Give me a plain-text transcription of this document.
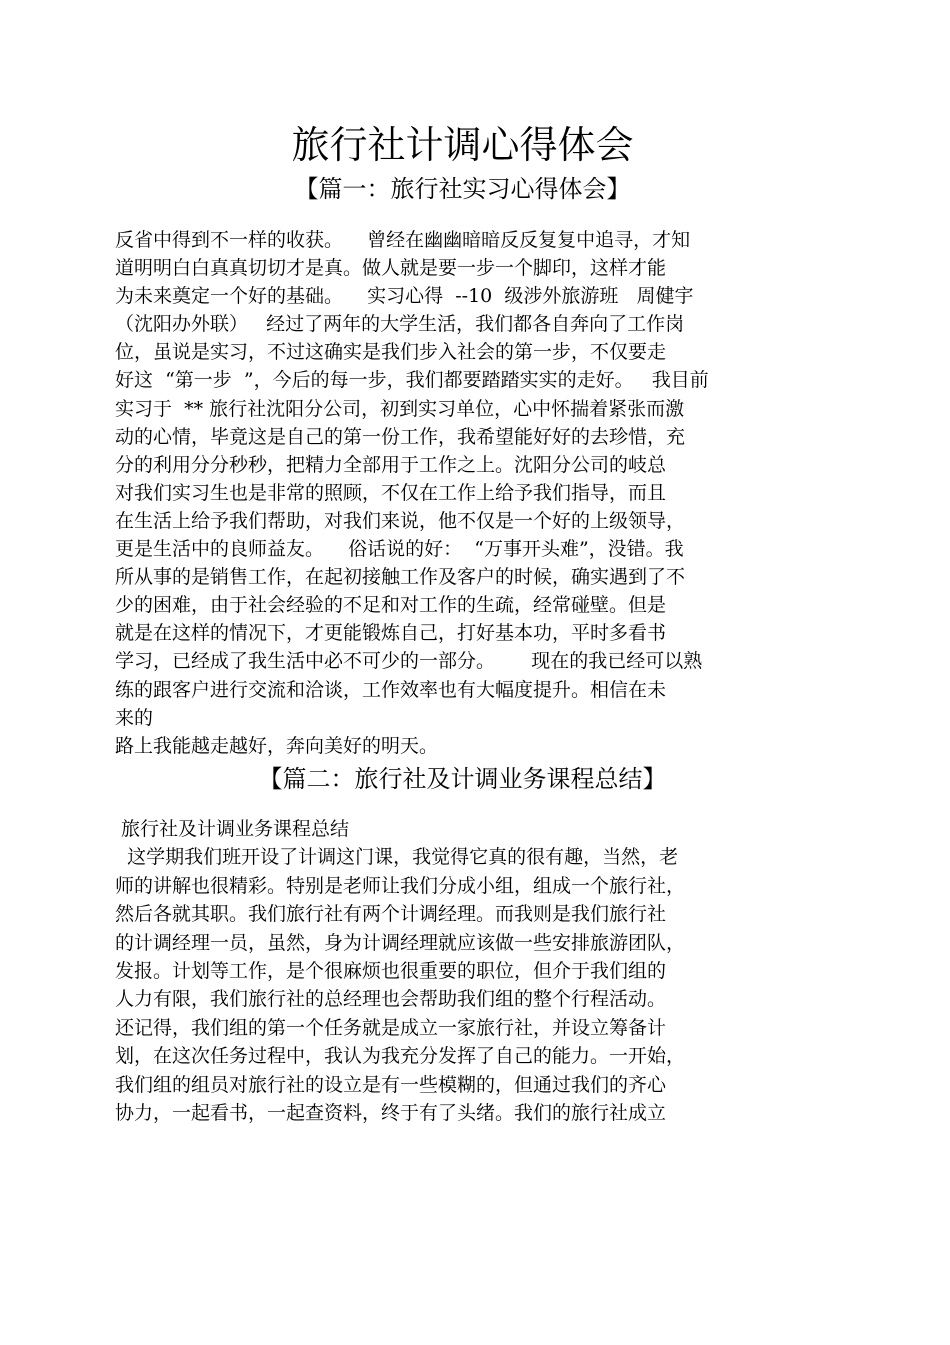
旅行社计调心得体会
【篇一：旅行社实习心得体会】
反省中得到不一样的收获。    曾经在幽幽暗暗反反复复中追寻，才知
道明明白白真真切切才是真。做人就是要一步一个脚印，这样才能
为未来奠定一个好的基础。    实习心得  --10  级涉外旅游班   周健宇
（沈阳办外联）   经过了两年的大学生活，我们都各自奔向了工作岗
位，虽说是实习，不过这确实是我们步入社会的第一步，不仅要走
好这  “第一步  ”，今后的每一步，我们都要踏踏实实的走好。   我目前
实习于  ** 旅行社沈阳分公司，初到实习单位，心中怀揣着紧张而激
动的心情，毕竟这是自己的第一份工作，我希望能好好的去珍惜，充
分的利用分分秒秒，把精力全部用于工作之上。沈阳分公司的岐总
对我们实习生也是非常的照顾，不仅在工作上给予我们指导，而且
在生活上给予我们帮助，对我们来说，他不仅是一个好的上级领导，
更是生活中的良师益友。    俗话说的好：  “万事开头难”，没错。我
所从事的是销售工作，在起初接触工作及客户的时候，确实遇到了不
少的困难，由于社会经验的不足和对工作的生疏，经常碰壁。但是
就是在这样的情况下，才更能锻炼自己，打好基本功，平时多看书
学习，已经成了我生活中必不可少的一部分。      现在的我已经可以熟
练的跟客户进行交流和洽谈，工作效率也有大幅度提升。相信在未
来的
路上我能越走越好，奔向美好的明天。
【篇二：旅行社及计调业务课程总结】
旅行社及计调业务课程总结
这学期我们班开设了计调这门课，我觉得它真的很有趣，当然，老
师的讲解也很精彩。特别是老师让我们分成小组，组成一个旅行社，
然后各就其职。我们旅行社有两个计调经理。而我则是我们旅行社
的计调经理一员，虽然，身为计调经理就应该做一些安排旅游团队，
发报。计划等工作，是个很麻烦也很重要的职位，但介于我们组的
人力有限，我们旅行社的总经理也会帮助我们组的整个行程活动。
还记得，我们组的第一个任务就是成立一家旅行社，并设立筹备计
划，在这次任务过程中，我认为我充分发挥了自己的能力。一开始，
我们组的组员对旅行社的设立是有一些模糊的，但通过我们的齐心
协力，一起看书，一起查资料，终于有了头绪。我们的旅行社成立
